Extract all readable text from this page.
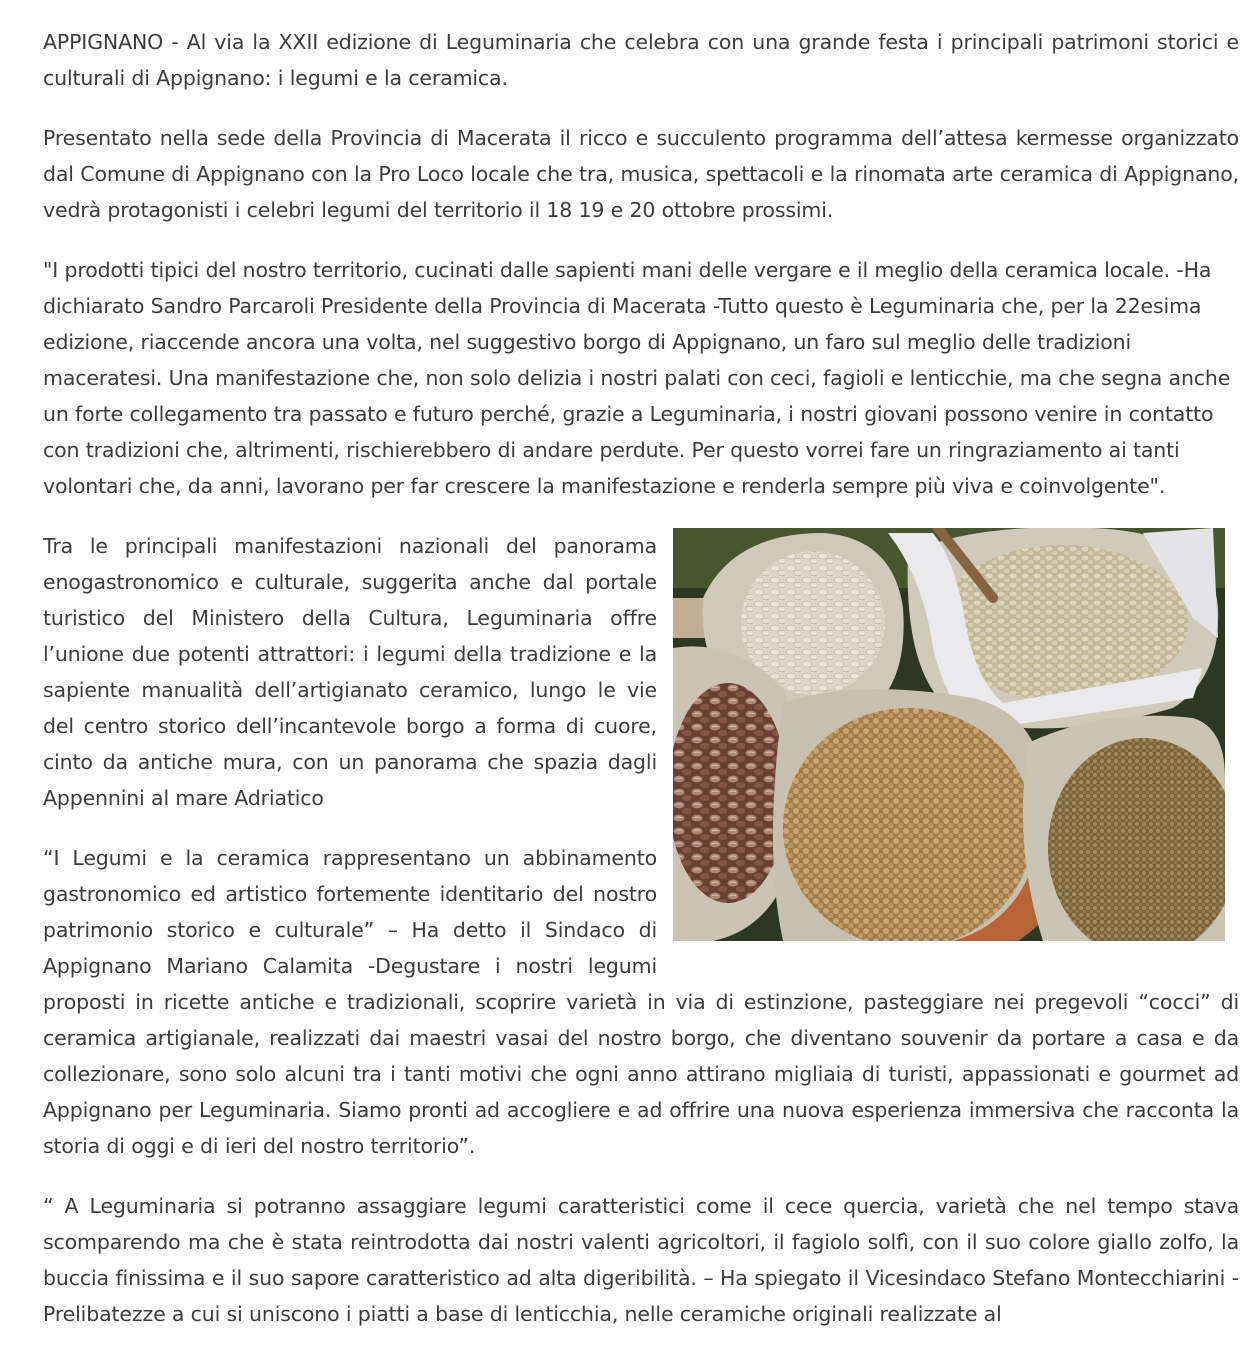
APPIGNANO - Al via la XXII edizione di Leguminaria che celebra con una grande festa i principali patrimoni storici e culturali di Appignano: i legumi e la ceramica.

Presentato nella sede della Provincia di Macerata il ricco e succulento programma dell’attesa kermesse organizzato dal Comune di Appignano con la Pro Loco locale che tra, musica, spettacoli e la rinomata arte ceramica di Appignano, vedrà protagonisti i celebri legumi del territorio il 18 19 e 20 ottobre prossimi.

"I prodotti tipici del nostro territorio, cucinati dalle sapienti mani delle vergare e il meglio della ceramica locale. -Ha dichiarato Sandro Parcaroli Presidente della Provincia di Macerata -Tutto questo è Leguminaria che, per la 22esima edizione, riaccende ancora una volta, nel suggestivo borgo di Appignano, un faro sul meglio delle tradizioni maceratesi. Una manifestazione che, non solo delizia i nostri palati con ceci, fagioli e lenticchie, ma che segna anche un forte collegamento tra passato e futuro perché, grazie a Leguminaria, i nostri giovani possono venire in contatto con tradizioni che, altrimenti, rischierebbero di andare perdute. Per questo vorrei fare un ringraziamento ai tanti volontari che, da anni, lavorano per far crescere la manifestazione e renderla sempre più viva e coinvolgente".

Tra le principali manifestazioni nazionali del panorama enogastronomico e culturale, suggerita anche dal portale turistico del Ministero della Cultura, Leguminaria offre l’unione due potenti attrattori: i legumi della tradizione e la sapiente manualità dell’artigianato ceramico, lungo le vie del centro storico dell’incantevole borgo a forma di cuore, cinto da antiche mura, con un panorama che spazia dagli Appennini al mare Adriatico

“I Legumi e la ceramica rappresentano un abbinamento gastronomico ed artistico fortemente identitario del nostro patrimonio storico e culturale” – Ha detto il Sindaco di Appignano Mariano Calamita -Degustare i nostri legumi proposti in ricette antiche e tradizionali, scoprire varietà in via di estinzione, pasteggiare nei pregevoli “cocci” di ceramica artigianale, realizzati dai maestri vasai del nostro borgo, che diventano souvenir da portare a casa e da collezionare, sono solo alcuni tra i tanti motivi che ogni anno attirano migliaia di turisti, appassionati e gourmet ad Appignano per Leguminaria. Siamo pronti ad accogliere e ad offrire una nuova esperienza immersiva che racconta la storia di oggi e di ieri del nostro territorio”.

“ A Leguminaria si potranno assaggiare legumi caratteristici come il cece quercia, varietà che nel tempo stava scomparendo ma che è stata reintrodotta dai nostri valenti agricoltori, il fagiolo solfì, con il suo colore giallo zolfo, la buccia finissima e il suo sapore caratteristico ad alta digeribilità. – Ha spiegato il Vicesindaco Stefano Montecchiarini - Prelibatezze a cui si uniscono i piatti a base di lenticchia, nelle ceramiche originali realizzate al
